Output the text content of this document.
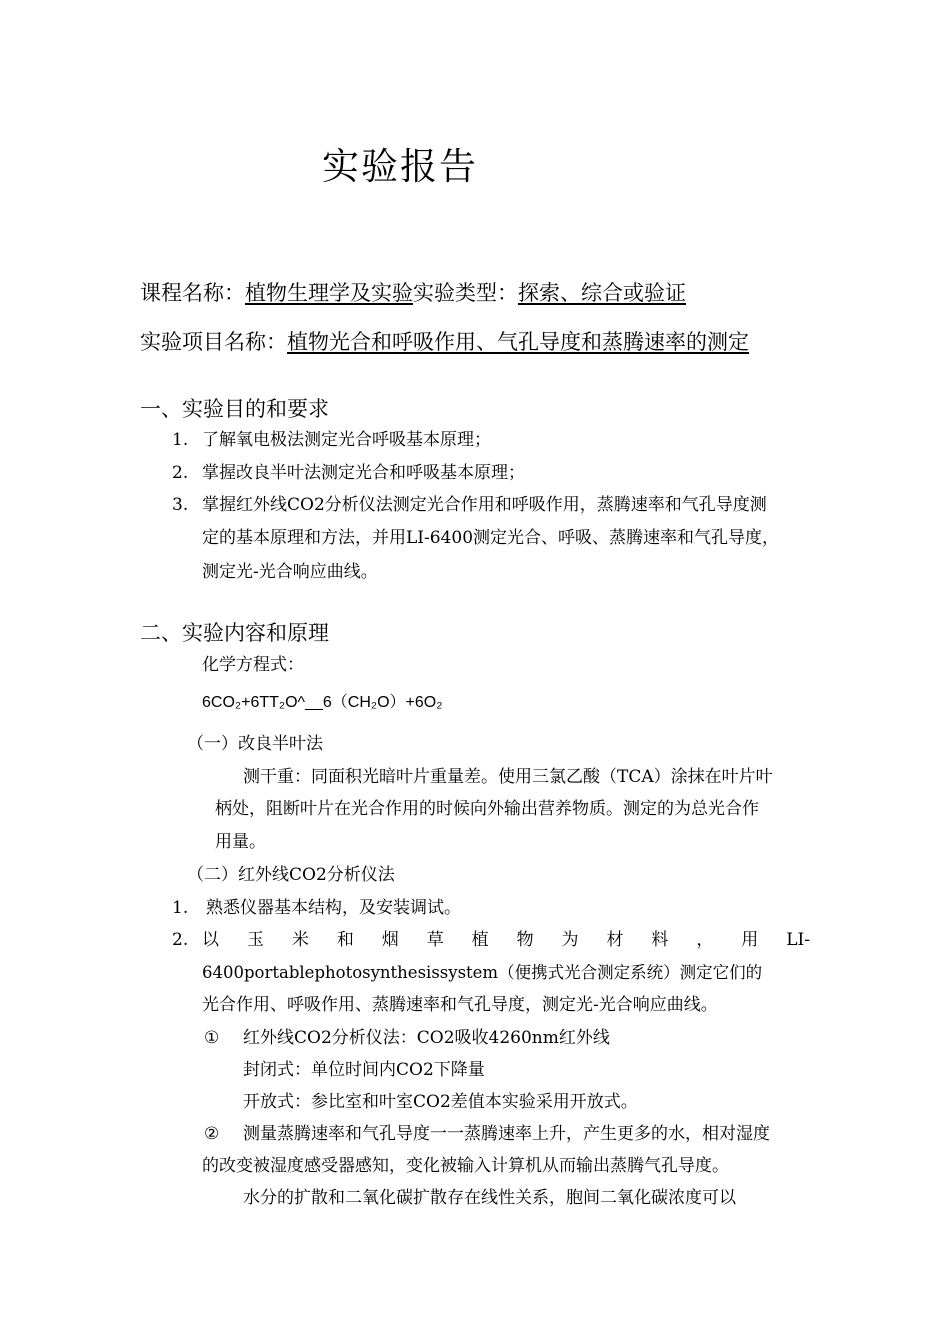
实验报告
课程名称：植物生理学及实验实验类型：探索、综合或验证
实验项目名称：植物光合和呼吸作用、气孔导度和蒸腾速率的测定
一、实验目的和要求
1. 了解氧电极法测定光合呼吸基本原理；
2. 掌握改良半叶法测定光合和呼吸基本原理；
3. 掌握红外线CO2分析仪法测定光合作用和呼吸作用，蒸腾速率和气孔导度测
定的基本原理和方法，并用LI-6400测定光合、呼吸、蒸腾速率和气孔导度，
测定光-光合响应曲线。
二、实验内容和原理
化学方程式：
6CO₂+6TT₂O^__6（CH₂O）+6O₂
（一）改良半叶法
测干重：同面积光暗叶片重量差。使用三氯乙酸（TCA）涂抹在叶片叶
柄处，阻断叶片在光合作用的时候向外输出营养物质。测定的为总光合作
用量。
（二）红外线CO2分析仪法
1. 熟悉仪器基本结构，及安装调试。
2. 以 玉 米 和 烟 草 植 物 为 材 料 ， 用 LI-
6400portablephotosynthesissystem（便携式光合测定系统）测定它们的
光合作用、呼吸作用、蒸腾速率和气孔导度，测定光-光合响应曲线。
① 红外线CO2分析仪法：CO2吸收4260nm红外线
封闭式：单位时间内CO2下降量
开放式：参比室和叶室CO2差值本实验采用开放式。
② 测量蒸腾速率和气孔导度一一蒸腾速率上升，产生更多的水，相对湿度
的改变被湿度感受器感知，变化被输入计算机从而输出蒸腾气孔导度。
水分的扩散和二氧化碳扩散存在线性关系，胞间二氧化碳浓度可以
